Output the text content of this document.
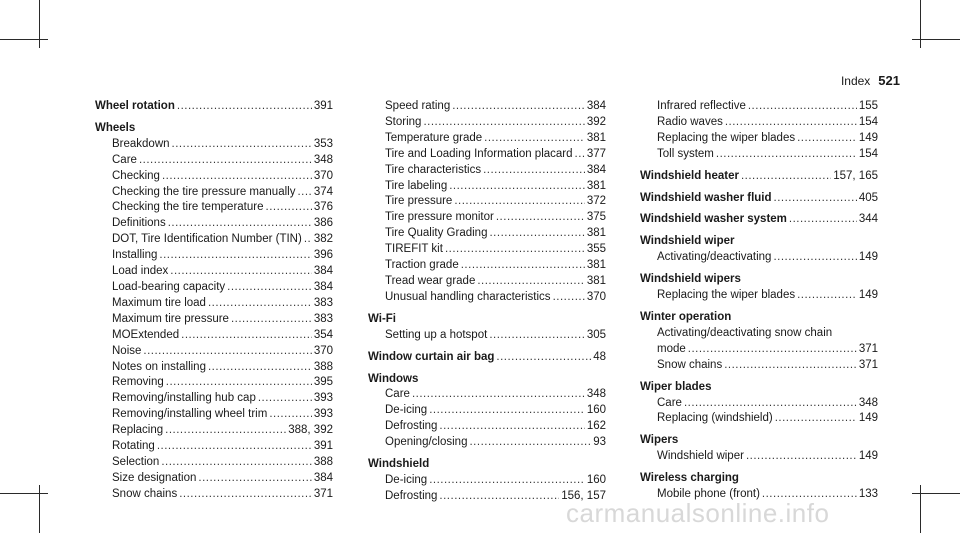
Index 521
Wheel rotation .....	391
Wheels
Breakdown .....	353
Care .....	348
Checking .....	370
Checking the tire pressure manually ..... 374
Checking the tire temperature .....	376
Definitions .....	386
DOT, Tire Identification Number (TIN) ..... 382
Installing .....	396
Load index .....	384
Load-bearing capacity .....	384
Maximum tire load .....	383
Maximum tire pressure .....	383
MOExtended .....	354
Noise .....	370
Notes on installing .....	388
Removing .....	395
Removing/installing hub cap .....	393
Removing/installing wheel trim .....	393
Replacing .....	388, 392
Rotating .....	391
Selection .....	388
Size designation .....	384
Snow chains .....	371
Speed rating .....	384
Storing .....	392
Temperature grade .....	381
Tire and Loading Information placard ..... 377
Tire characteristics .....	384
Tire labeling .....	381
Tire pressure .....	372
Tire pressure monitor .....	375
Tire Quality Grading .....	381
TIREFIT kit .....	355
Traction grade .....	381
Tread wear grade .....	381
Unusual handling characteristics .....	370
Wi-Fi
Setting up a hotspot .....	305
Window curtain air bag .....	48
Windows
Care .....	348
De-icing .....	160
Defrosting .....	162
Opening/closing .....	93
Windshield
De-icing .....	160
Defrosting .....	156, 157
Infrared reflective .....	155
Radio waves .....	154
Replacing the wiper blades .....	149
Toll system .....	154
Windshield heater .....	157, 165
Windshield washer fluid .....	405
Windshield washer system .....	344
Windshield wiper
Activating/deactivating .....	149
Windshield wipers
Replacing the wiper blades .....	149
Winter operation
Activating/deactivating snow chain
mode .....	371
Snow chains .....	371
Wiper blades
Care .....	348
Replacing (windshield) .....	149
Wipers
Windshield wiper .....	149
Wireless charging
Mobile phone (front) .....	133
carmanualsonline.info
